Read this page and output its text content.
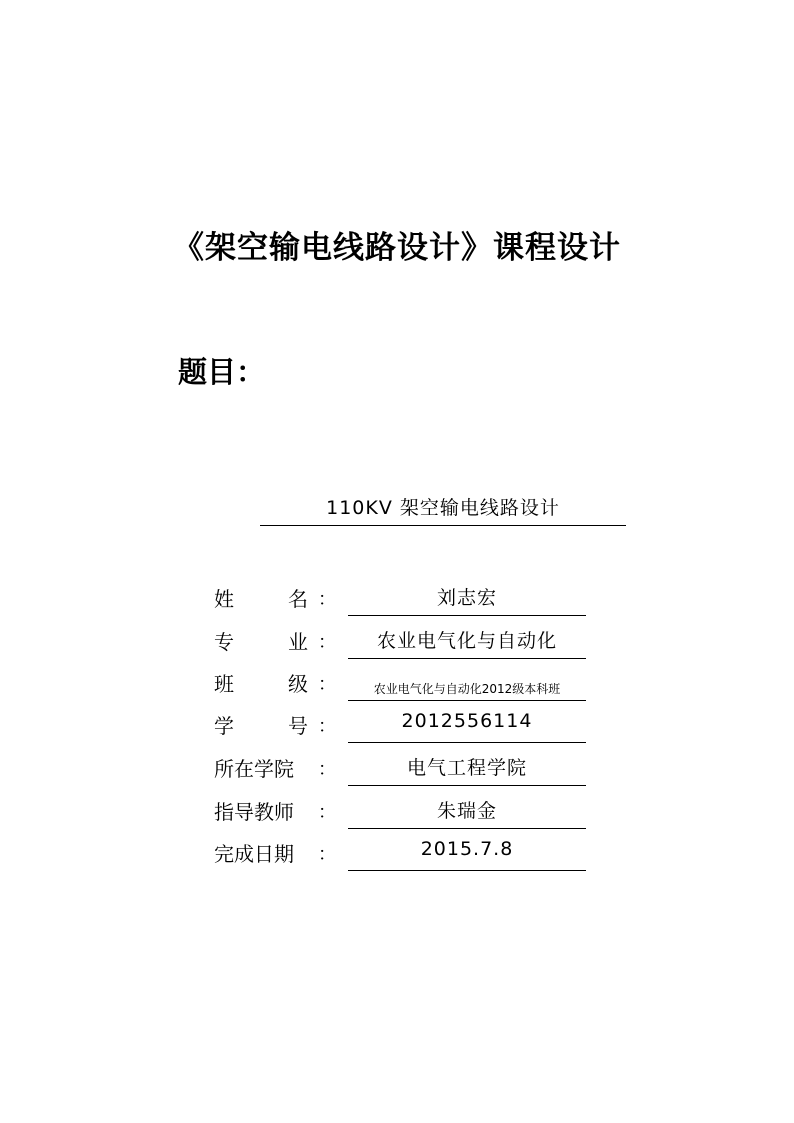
《架空输电线路设计》课程设计
题目：
110KV 架空输电线路设计
姓	名 ：	刘志宏
专	业 ：	农业电气化与自动化
班	级 ：	农业电气化与自动化2012级本科班
学	号 ：	2012556114
所在学院 ：	电气工程学院
指导教师 ：	朱瑞金
完成日期 ：	2015.7.8
